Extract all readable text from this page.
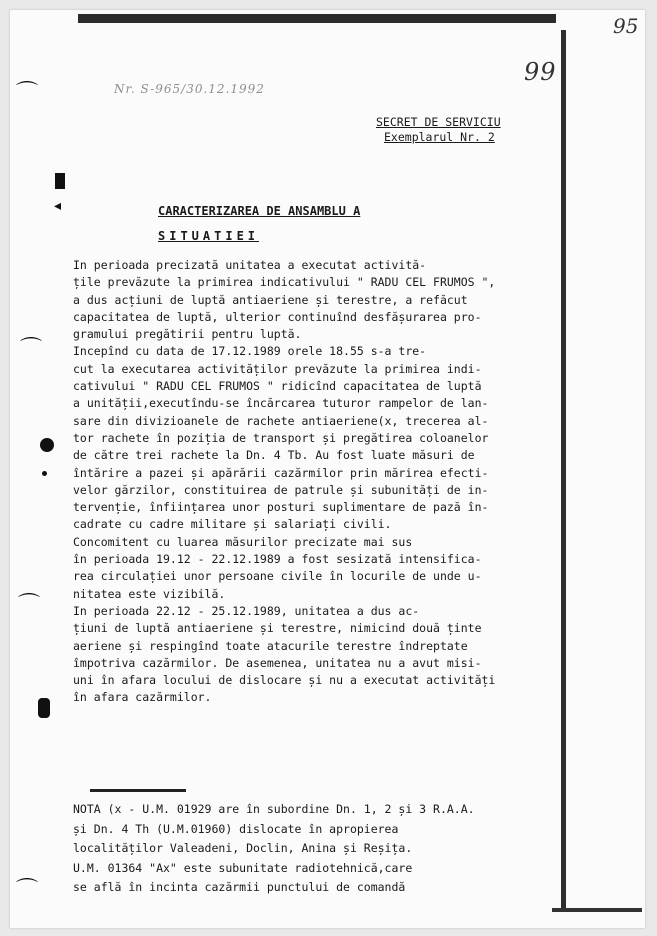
95
99
Nr. S-965/30.12.1992
SECRET DE SERVICIU
Exemplarul Nr. 2
CARACTERIZAREA DE ANSAMBLU A
SITUATIEI
In perioada precizată unitatea a executat activită-
țile prevăzute la primirea indicativului " RADU CEL FRUMOS ",
a dus acțiuni de luptă antiaeriene și terestre, a refăcut
capacitatea de luptă, ulterior continuînd desfășurarea pro-
gramului pregătirii pentru luptă.
Incepînd cu data de 17.12.1989 orele 18.55 s-a tre-
cut la executarea activităților prevăzute la primirea indi-
cativului " RADU CEL FRUMOS " ridicînd capacitatea de luptă
a unității,executîndu-se încărcarea tuturor rampelor de lan-
sare din divizioanele de rachete antiaeriene(x, trecerea al-
tor rachete în poziția de transport și pregătirea coloanelor
de către trei rachete la Dn. 4 Tb. Au fost luate măsuri de
întărire a pazei și apărării cazărmilor prin mărirea efecti-
velor gărzilor, constituirea de patrule și subunități de in-
tervenție, înființarea unor posturi suplimentare de pază în-
cadrate cu cadre militare și salariați civili.
Concomitent cu luarea măsurilor precizate mai sus
în perioada 19.12 - 22.12.1989 a fost sesizată intensifica-
rea circulației unor persoane civile în locurile de unde u-
nitatea este vizibilă.
In perioada 22.12 - 25.12.1989, unitatea a dus ac-
țiuni de luptă antiaeriene și terestre, nimicind două ținte
aeriene și respingînd toate atacurile terestre îndreptate
împotriva cazărmilor. De asemenea, unitatea nu a avut misi-
uni în afara locului de dislocare și nu a executat activități
în afara cazărmilor.
NOTA (x - U.M. 01929 are în subordine Dn. 1, 2 și 3 R.A.A.
și Dn. 4 Th (U.M.01960) dislocate în apropierea
localităților Valeadeni, Doclin, Anina și Reșița.
U.M. 01364 "Ax" este subunitate radiotehnică,care
se află în incinta cazărmii punctului de comandă
⌒
◂
⌒
⌒
⌒
